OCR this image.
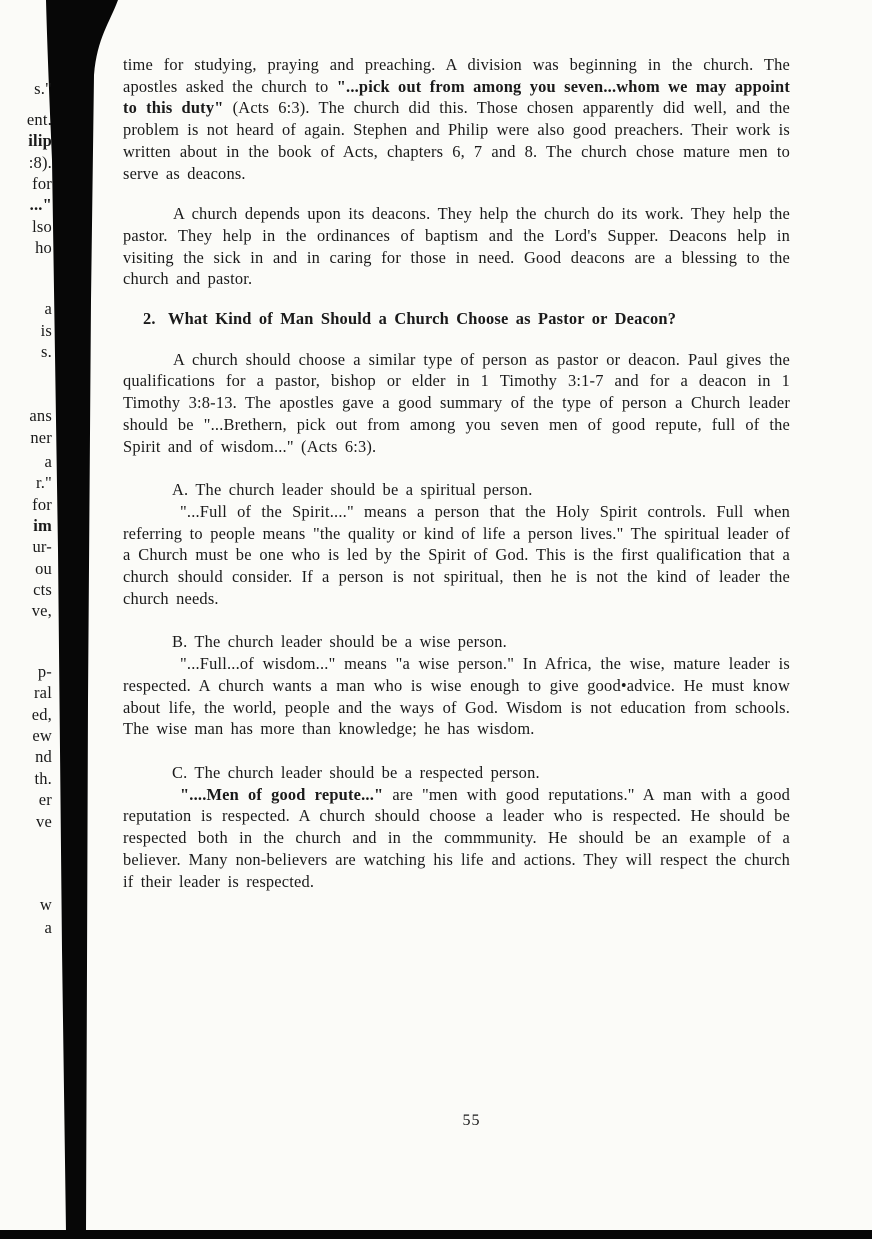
s."
ent.
ilip
:8).
for
..."
lso
ho
a
is
s.
ans
ner
a
r."
for
im
ur-
ou
cts
ve,
p-
ral
ed,
ew
nd
th.
er
ve
w
a

time for studying, praying and preaching. A division was beginning in the church. The apostles asked the church to "...pick out from among you seven...whom we may appoint to this duty" (Acts 6:3). The church did this. Those chosen apparently did well, and the problem is not heard of again. Stephen and Philip were also good preachers. Their work is written about in the book of Acts, chapters 6, 7 and 8. The church chose mature men to serve as deacons.

A church depends upon its deacons. They help the church do its work. They help the pastor. They help in the ordinances of baptism and the Lord's Supper. Deacons help in visiting the sick in and in caring for those in need. Good deacons are a blessing to the church and pastor.

2. What Kind of Man Should a Church Choose as Pastor or Deacon?

A church should choose a similar type of person as pastor or deacon. Paul gives the qualifications for a pastor, bishop or elder in 1 Timothy 3:1-7 and for a deacon in 1 Timothy 3:8-13. The apostles gave a good summary of the type of person a Church leader should be "...Brethern, pick out from among you seven men of good repute, full of the Spirit and of wisdom..." (Acts 6:3).

A. The church leader should be a spiritual person.

"...Full of the Spirit...." means a person that the Holy Spirit controls. Full when referring to people means "the quality or kind of life a person lives." The spiritual leader of a Church must be one who is led by the Spirit of God. This is the first qualification that a church should consider. If a person is not spiritual, then he is not the kind of leader the church needs.

B. The church leader should be a wise person.

"...Full...of wisdom..." means "a wise person." In Africa, the wise, mature leader is respected. A church wants a man who is wise enough to give good•advice. He must know about life, the world, people and the ways of God. Wisdom is not education from schools. The wise man has more than knowledge; he has wisdom.

C. The church leader should be a respected person.

"....Men of good repute..." are "men with good reputations." A man with a good reputation is respected. A church should choose a leader who is respected. He should be respected both in the church and in the commmunity. He should be an example of a believer. Many non-believers are watching his life and actions. They will respect the church if their leader is respected.

55
